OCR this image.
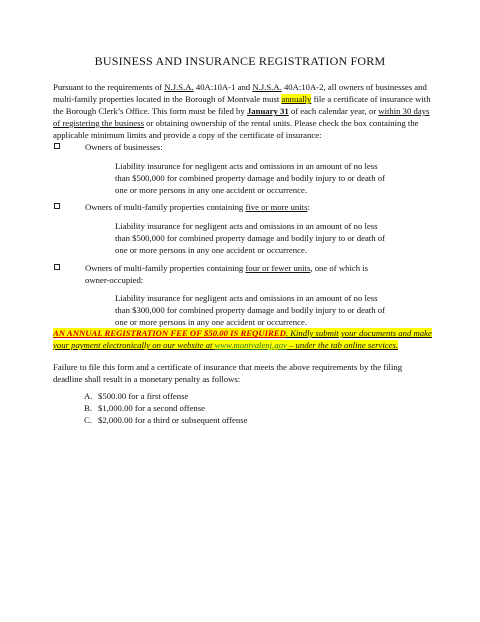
BUSINESS AND INSURANCE REGISTRATION FORM
Pursuant to the requirements of N.J.S.A. 40A:10A-1 and N.J.S.A. 40A:10A-2, all owners of businesses and multi-family properties located in the Borough of Montvale must annually file a certificate of insurance with the Borough Clerk’s Office. This form must be filed by January 31 of each calendar year, or within 30 days of registering the business or obtaining ownership of the rental units. Please check the box containing the applicable minimum limits and provide a copy of the certificate of insurance:
Owners of businesses:
Liability insurance for negligent acts and omissions in an amount of no less than $500,000 for combined property damage and bodily injury to or death of one or more persons in any one accident or occurrence.
Owners of multi-family properties containing five or more units:
Liability insurance for negligent acts and omissions in an amount of no less than $500,000 for combined property damage and bodily injury to or death of one or more persons in any one accident or occurrence.
Owners of multi-family properties containing four or fewer units, one of which is owner-occupied:
Liability insurance for negligent acts and omissions in an amount of no less than $300,000 for combined property damage and bodily injury to or death of one or more persons in any one accident or occurrence.
AN ANNUAL REGISTRATION FEE OF $50.00 IS REQUIRED. Kindly submit your documents and make your payment electronically on our website at www.montvalenj.gov – under the tab online services.
Failure to file this form and a certificate of insurance that meets the above requirements by the filing deadline shall result in a monetary penalty as follows:
A. $500.00 for a first offense
B. $1,000.00 for a second offense
C. $2,000.00 for a third or subsequent offense
